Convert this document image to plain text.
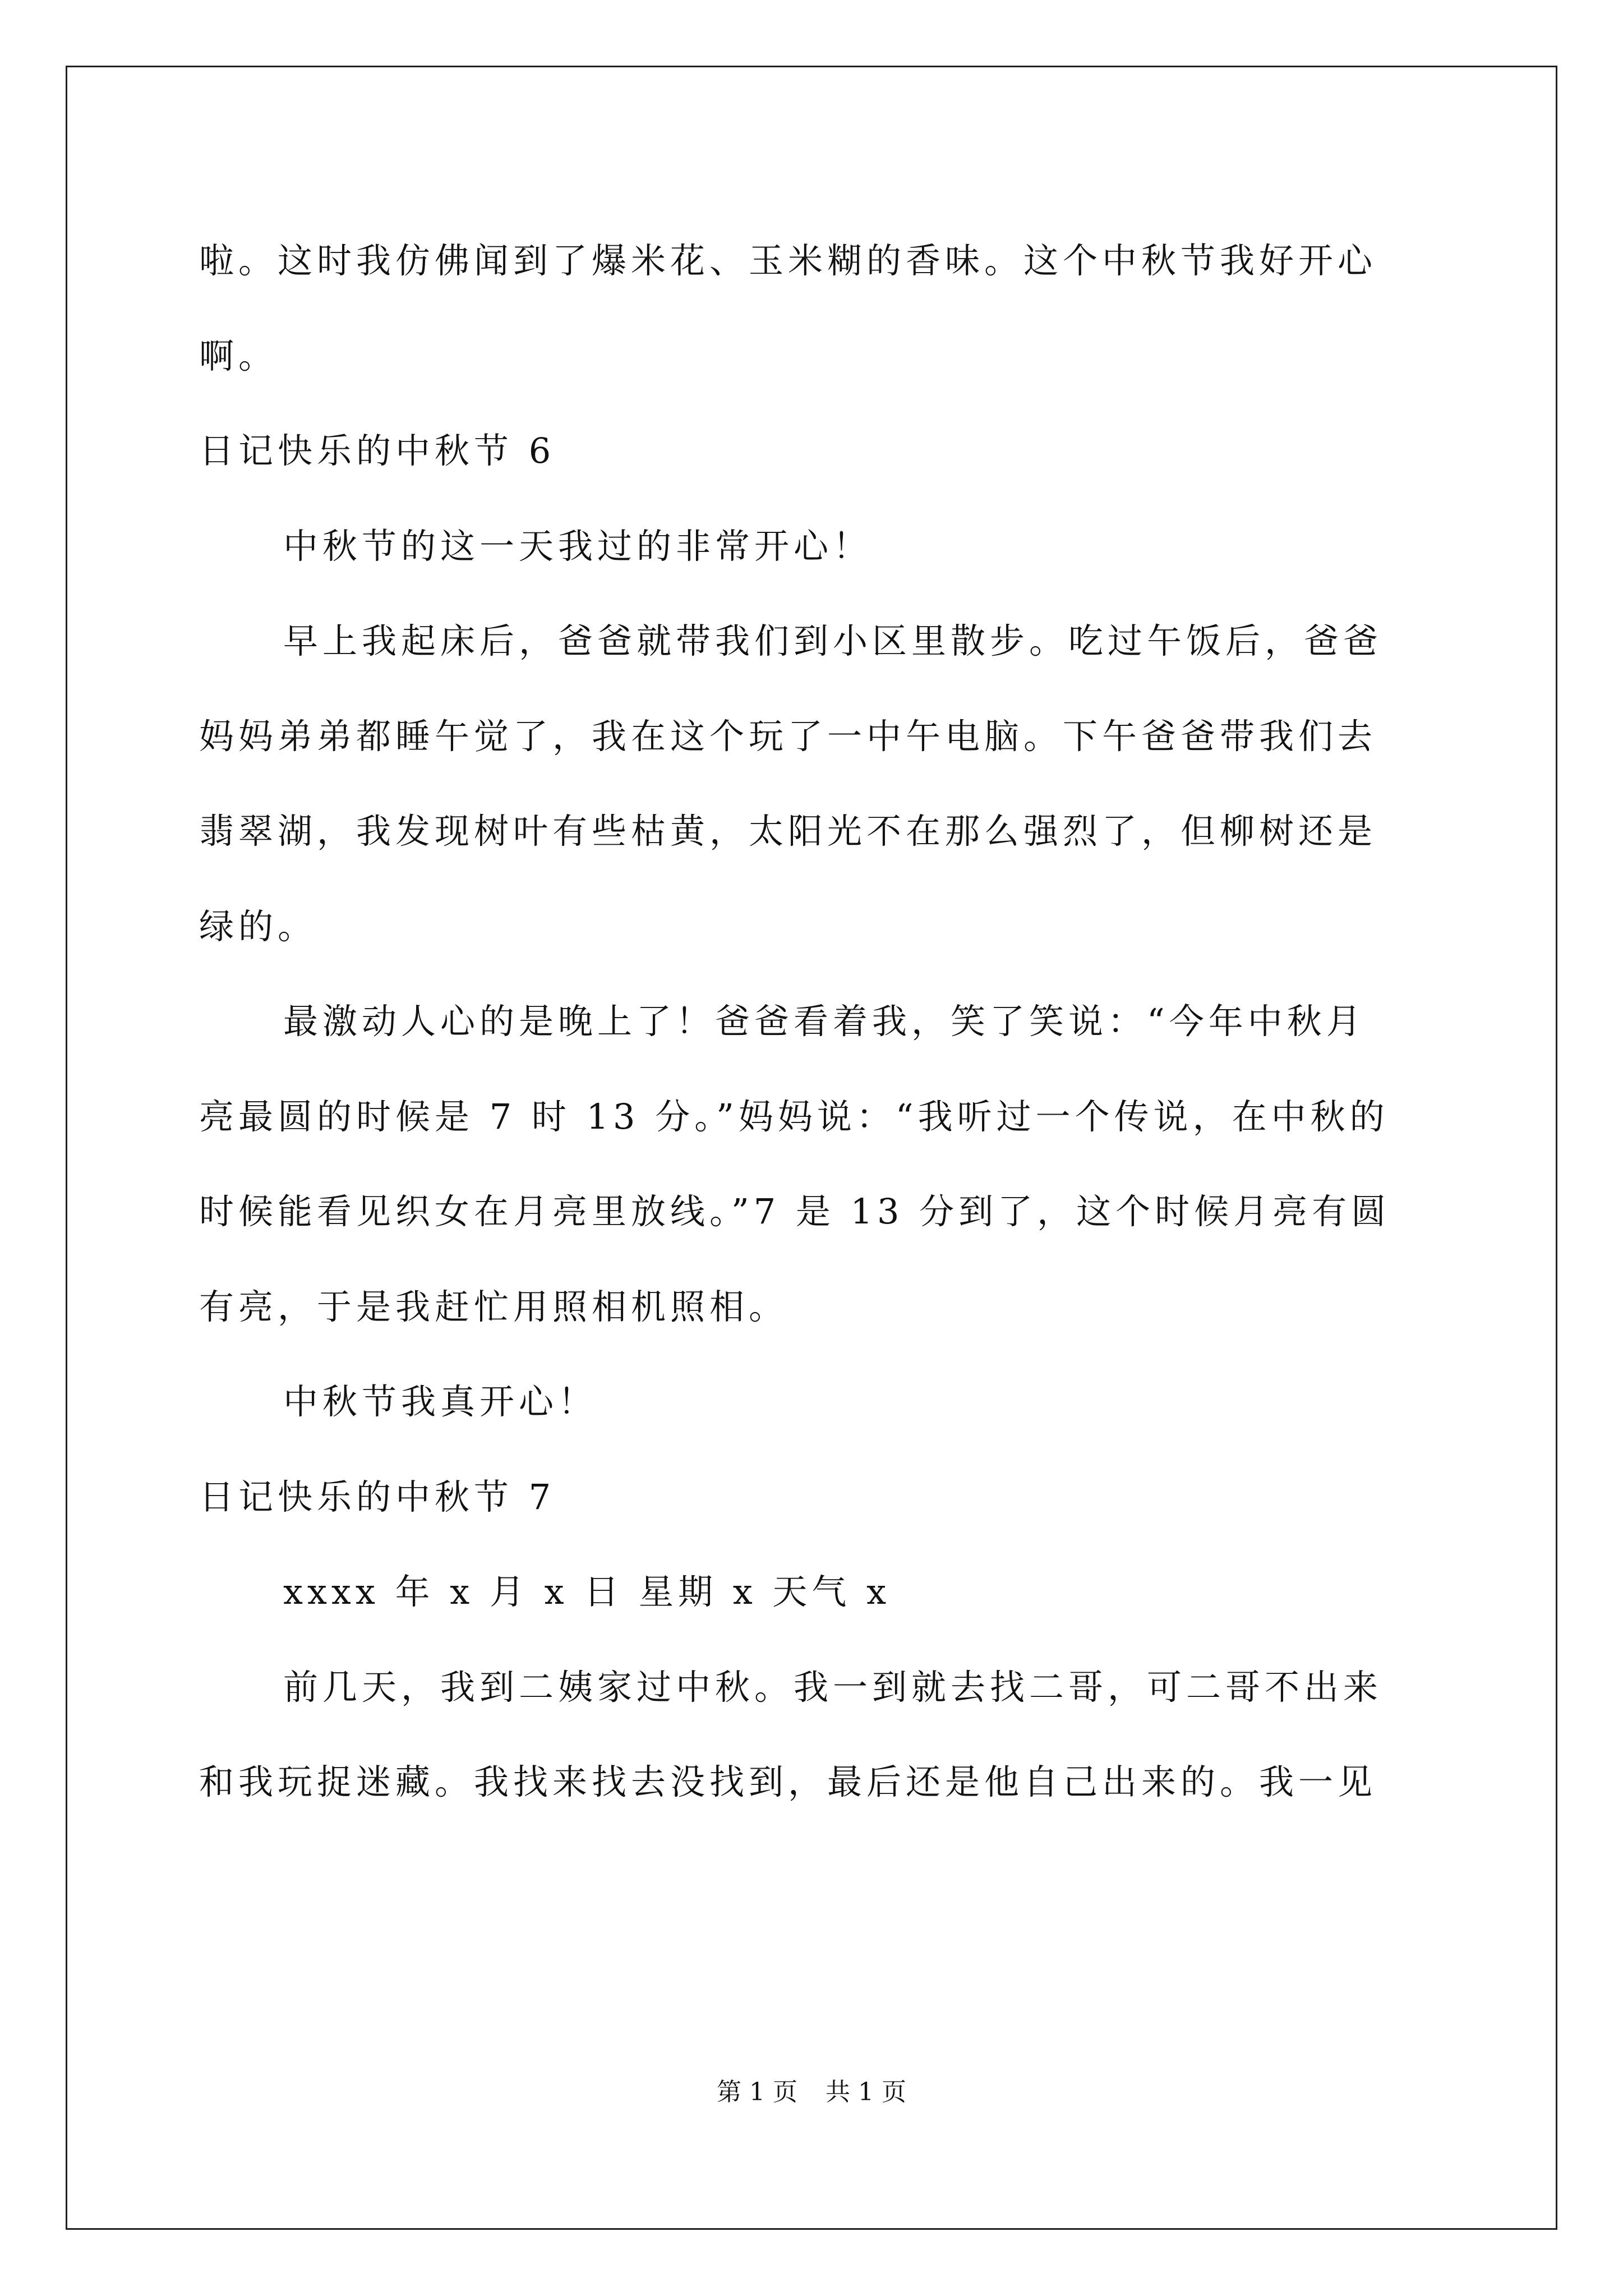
啦。这时我仿佛闻到了爆米花、玉米糊的香味。这个中秋节我好开心
啊。
日记快乐的中秋节 6
中秋节的这一天我过的非常开心！
早上我起床后，爸爸就带我们到小区里散步。吃过午饭后，爸爸
妈妈弟弟都睡午觉了，我在这个玩了一中午电脑。下午爸爸带我们去
翡翠湖，我发现树叶有些枯黄，太阳光不在那么强烈了，但柳树还是
绿的。
最激动人心的是晚上了！爸爸看着我，笑了笑说：“今年中秋月
亮最圆的时候是 7 时 13 分。”妈妈说：“我听过一个传说，在中秋的
时候能看见织女在月亮里放线。”7 是 13 分到了，这个时候月亮有圆
有亮，于是我赶忙用照相机照相。
中秋节我真开心！
日记快乐的中秋节 7
xxxx 年 x 月 x 日 星期 x 天气 x
前几天，我到二姨家过中秋。我一到就去找二哥，可二哥不出来
和我玩捉迷藏。我找来找去没找到，最后还是他自己出来的。我一见
第 1 页 共 1 页
